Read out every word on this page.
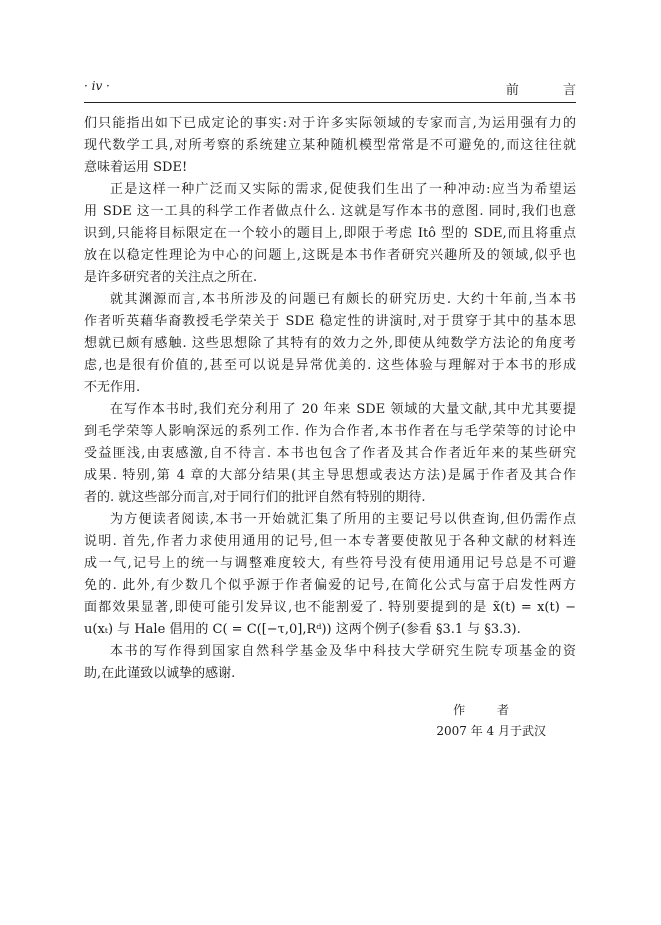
· iv ·	前 言
们只能指出如下已成定论的事实:对于许多实际领域的专家而言,为运用强有力的
现代数学工具,对所考察的系统建立某种随机模型常常是不可避免的,而这往往就
意味着运用 SDE!
正是这样一种广泛而又实际的需求,促使我们生出了一种冲动:应当为希望运
用 SDE 这一工具的科学工作者做点什么. 这就是写作本书的意图. 同时,我们也意
识到,只能将目标限定在一个较小的题目上,即限于考虑 Itô 型的 SDE,而且将重点
放在以稳定性理论为中心的问题上,这既是本书作者研究兴趣所及的领域,似乎也
是许多研究者的关注点之所在.
就其渊源而言,本书所涉及的问题已有颇长的研究历史. 大约十年前,当本书
作者听英藉华裔教授毛学荣关于 SDE 稳定性的讲演时,对于贯穿于其中的基本思
想就已颇有感触. 这些思想除了其特有的效力之外,即使从纯数学方法论的角度考
虑,也是很有价值的,甚至可以说是异常优美的. 这些体验与理解对于本书的形成
不无作用.
在写作本书时,我们充分利用了 20 年来 SDE 领域的大量文献,其中尤其要提
到毛学荣等人影响深远的系列工作. 作为合作者,本书作者在与毛学荣等的讨论中
受益匪浅,由衷感激,自不待言. 本书也包含了作者及其合作者近年来的某些研究
成果. 特别,第 4 章的大部分结果(其主导思想或表达方法)是属于作者及其合作
者的. 就这些部分而言,对于同行们的批评自然有特别的期待.
为方便读者阅读,本书一开始就汇集了所用的主要记号以供查询,但仍需作点
说明. 首先,作者力求使用通用的记号,但一本专著要使散见于各种文献的材料连
成一气,记号上的统一与调整难度较大, 有些符号没有使用通用记号总是不可避
免的. 此外,有少数几个似乎源于作者偏爱的记号,在简化公式与富于启发性两方
面都效果显著,即使可能引发异议,也不能割爱了. 特别要提到的是 x̃(t) = x(t) −
u(xₜ) 与 Hale 倡用的 C( = C([−τ,0],Rᵈ)) 这两个例子(参看 §3.1 与 §3.3).
本书的写作得到国家自然科学基金及华中科技大学研究生院专项基金的资
助,在此谨致以诚挚的感谢.
作 者
2007 年 4 月于武汉
